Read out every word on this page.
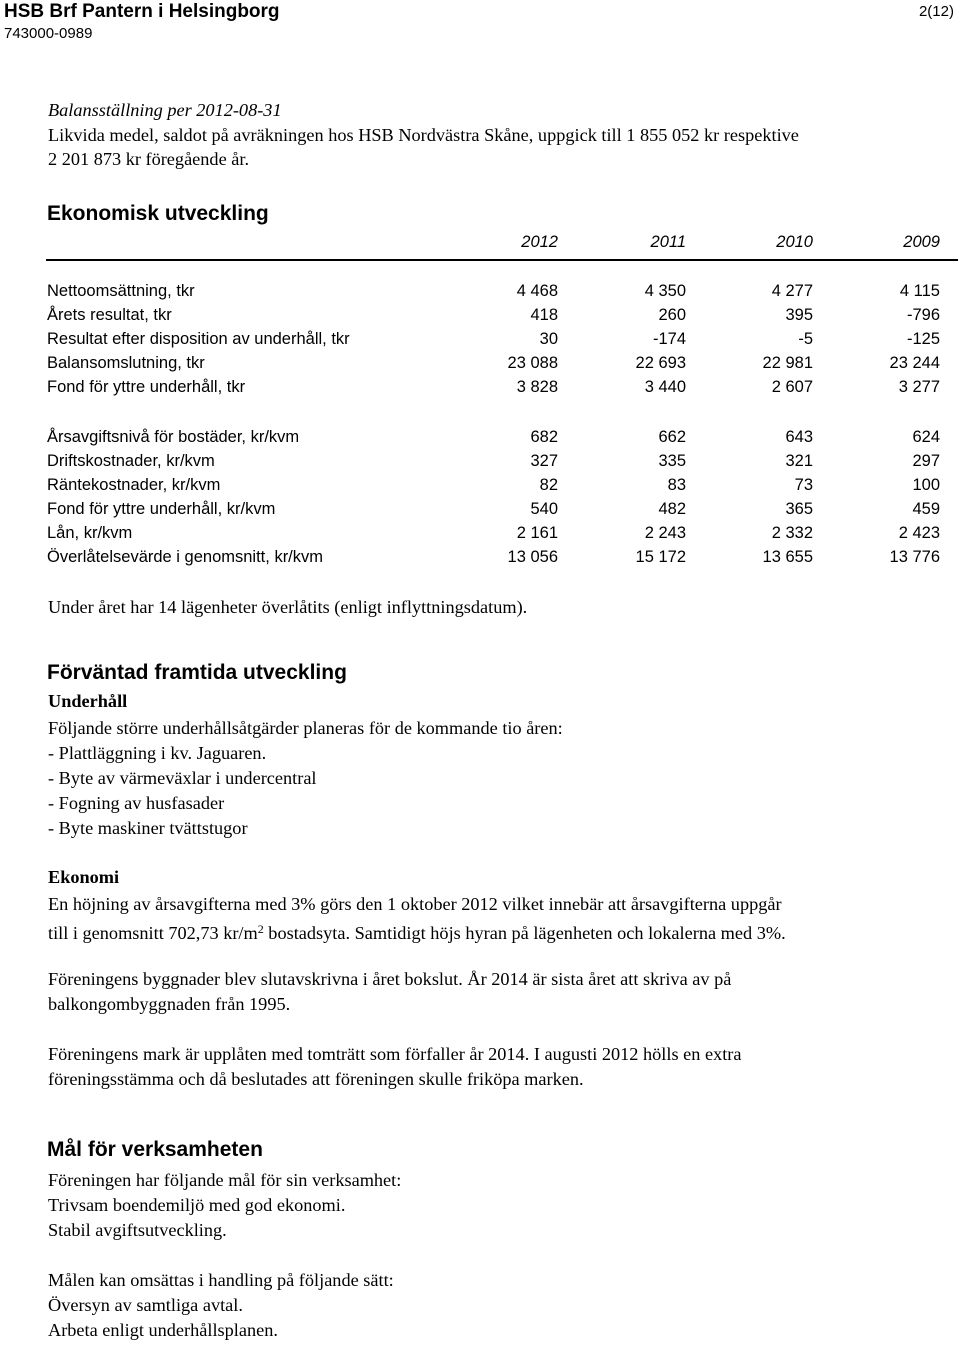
HSB Brf Pantern i Helsingborg
743000-0989
2(12)
Balansställning per 2012-08-31
Likvida medel, saldot på avräkningen hos HSB Nordvästra Skåne, uppgick till 1 855 052 kr respektive
2 201 873 kr föregående år.
Ekonomisk utveckling
2012	2011	2010	2009
Nettoomsättning, tkr	4 468	4 350	4 277	4 115
Årets resultat, tkr	418	260	395	-796
Resultat efter disposition av underhåll, tkr	30	-174	-5	-125
Balansomslutning, tkr	23 088	22 693	22 981	23 244
Fond för yttre underhåll, tkr	3 828	3 440	2 607	3 277
Årsavgiftsnivå för bostäder, kr/kvm	682	662	643	624
Driftskostnader, kr/kvm	327	335	321	297
Räntekostnader, kr/kvm	82	83	73	100
Fond för yttre underhåll, kr/kvm	540	482	365	459
Lån, kr/kvm	2 161	2 243	2 332	2 423
Överlåtelsevärde i genomsnitt, kr/kvm	13 056	15 172	13 655	13 776
Under året har 14 lägenheter överlåtits (enligt inflyttningsdatum).
Förväntad framtida utveckling
Underhåll
Följande större underhållsåtgärder planeras för de kommande tio åren:
- Plattläggning i kv. Jaguaren.
- Byte av värmeväxlar i undercentral
- Fogning av husfasader
- Byte maskiner tvättstugor
Ekonomi
En höjning av årsavgifterna med 3% görs den 1 oktober 2012 vilket innebär att årsavgifterna uppgår
till i genomsnitt 702,73 $kr/m^2$ bostadsyta. Samtidigt höjs hyran på lägenheten och lokalerna med 3%.
Föreningens byggnader blev slutavskrivna i året bokslut. År 2014 är sista året att skriva av på
balkongombyggnaden från 1995.
Föreningens mark är upplåten med tomträtt som förfaller år 2014. I augusti 2012 hölls en extra
föreningsstämma och då beslutades att föreningen skulle friköpa marken.
Mål för verksamheten
Föreningen har följande mål för sin verksamhet:
Trivsam boendemiljö med god ekonomi.
Stabil avgiftsutveckling.
Målen kan omsättas i handling på följande sätt:
Översyn av samtliga avtal.
Arbeta enligt underhållsplanen.
